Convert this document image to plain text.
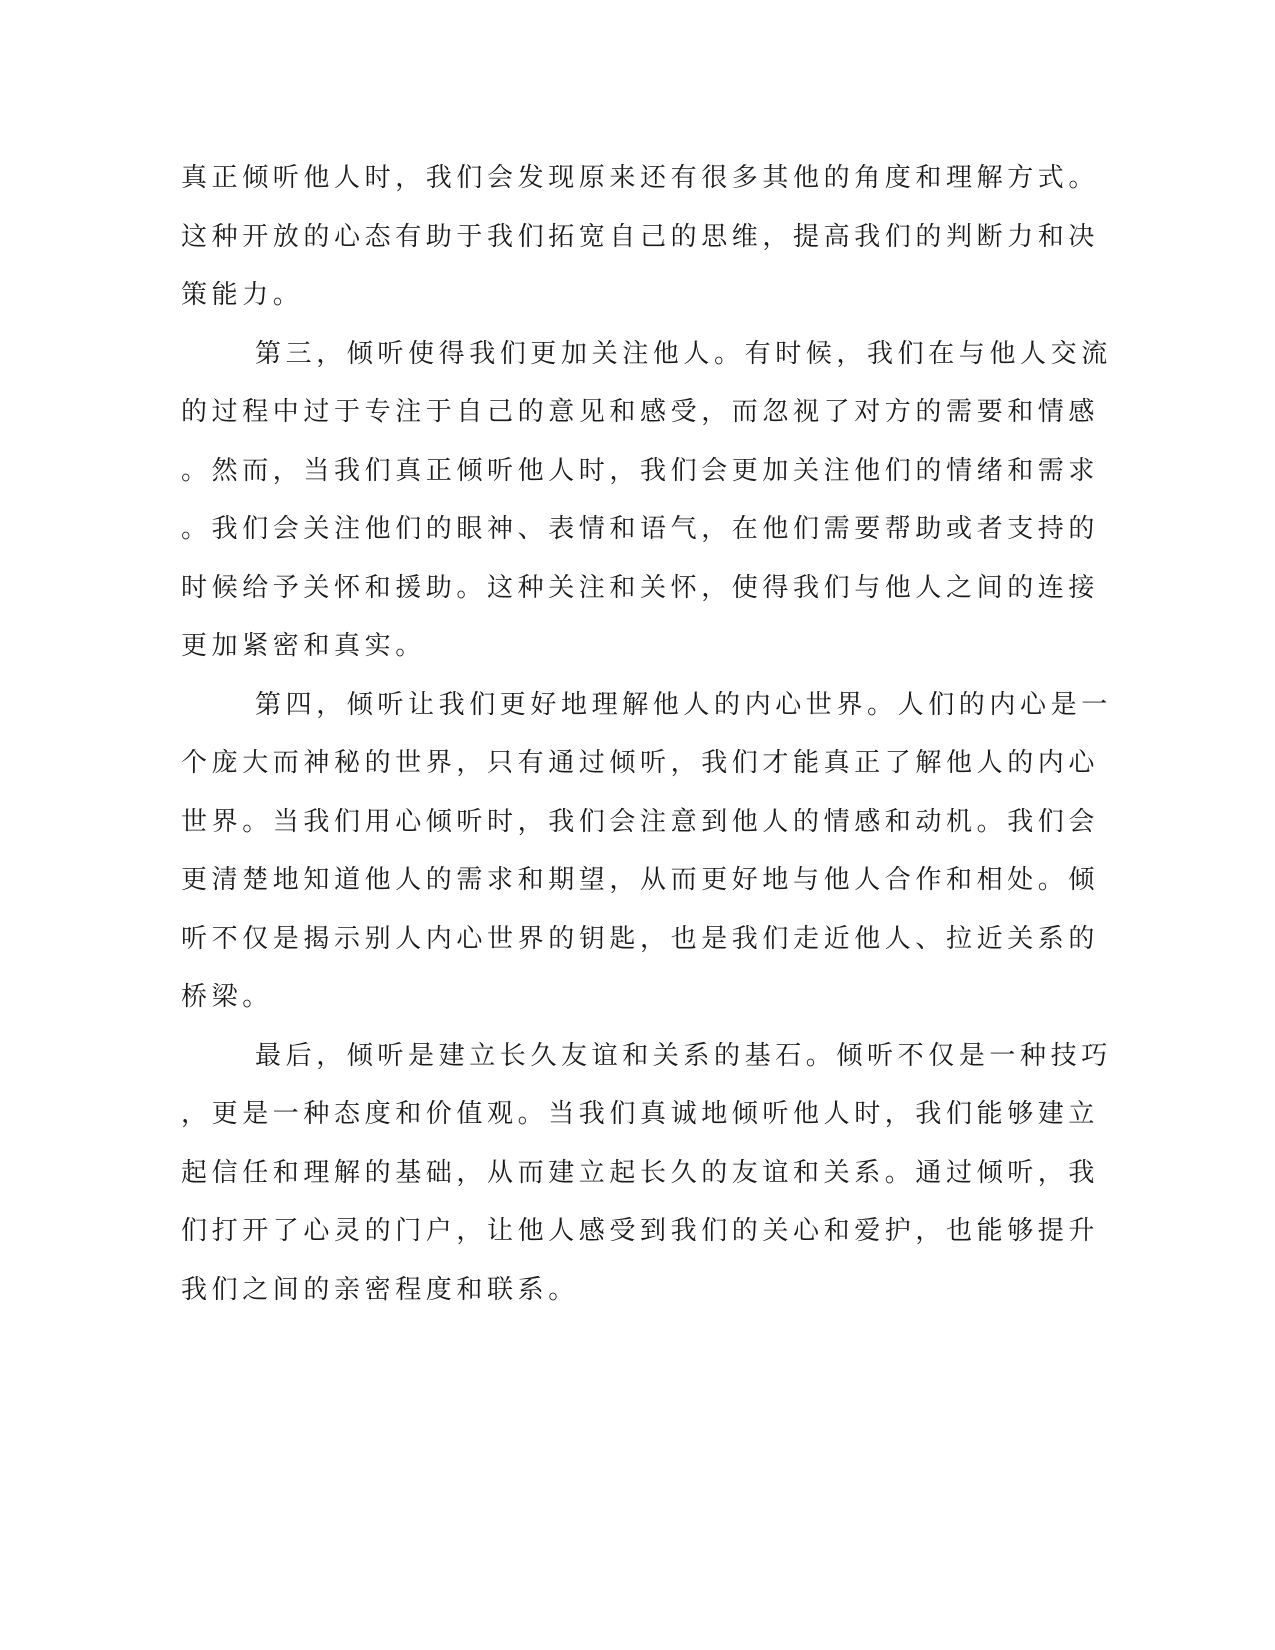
真正倾听他人时，我们会发现原来还有很多其他的角度和理解方式。
这种开放的心态有助于我们拓宽自己的思维，提高我们的判断力和决
策能力。
第三，倾听使得我们更加关注他人。有时候，我们在与他人交流
的过程中过于专注于自己的意见和感受，而忽视了对方的需要和情感
。然而，当我们真正倾听他人时，我们会更加关注他们的情绪和需求
。我们会关注他们的眼神、表情和语气，在他们需要帮助或者支持的
时候给予关怀和援助。这种关注和关怀，使得我们与他人之间的连接
更加紧密和真实。
第四，倾听让我们更好地理解他人的内心世界。人们的内心是一
个庞大而神秘的世界，只有通过倾听，我们才能真正了解他人的内心
世界。当我们用心倾听时，我们会注意到他人的情感和动机。我们会
更清楚地知道他人的需求和期望，从而更好地与他人合作和相处。倾
听不仅是揭示别人内心世界的钥匙，也是我们走近他人、拉近关系的
桥梁。
最后，倾听是建立长久友谊和关系的基石。倾听不仅是一种技巧
，更是一种态度和价值观。当我们真诚地倾听他人时，我们能够建立
起信任和理解的基础，从而建立起长久的友谊和关系。通过倾听，我
们打开了心灵的门户，让他人感受到我们的关心和爱护，也能够提升
我们之间的亲密程度和联系。
